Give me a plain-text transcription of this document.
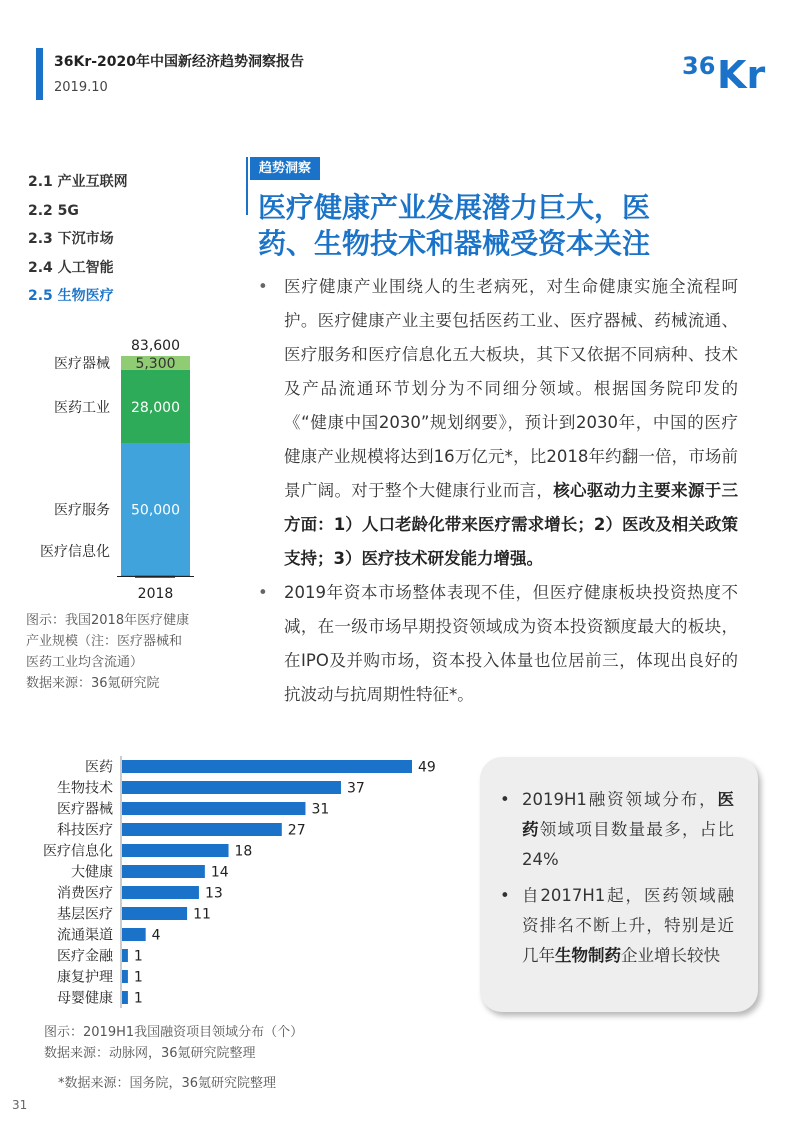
36Kr-2020年中国新经济趋势洞察报告
2019.10
36 Kr
2.1 产业互联网
2.2 5G
2.3 下沉市场
2.4 人工智能
2.5 生物医疗
趋势洞察
医疗健康产业发展潜力巨大，医
药、生物技术和器械受资本关注
• 医疗健康产业围绕人的生老病死，对生命健康实施全流程呵护。医疗健康产业主要包括医药工业、医疗器械、药械流通、医疗服务和医疗信息化五大板块，其下又依据不同病种、技术及产品流通环节划分为不同细分领域。根据国务院印发的《“健康中国2030”规划纲要》，预计到2030年，中国的医疗健康产业规模将达到16万亿元*，比2018年约翻一倍，市场前景广阔。对于整个大健康行业而言，核心驱动力主要来源于三方面：1）人口老龄化带来医疗需求增长；2）医改及相关政策支持；3）医疗技术研发能力增强。
• 2019年资本市场整体表现不佳，但医疗健康板块投资热度不减，在一级市场早期投资领域成为资本投资额度最大的板块，在IPO及并购市场，资本投入体量也位居前三，体现出良好的抗波动与抗周期性特征*。
医疗信息化
50,000
医疗服务
28,000
医药工业
5,300
医疗器械
83,600
2018
图示：我国2018年医疗健康
产业规模（注：医疗器械和
医药工业均含流通）
数据来源：36氪研究院
医药	49
生物技术	37
医疗器械	31
科技医疗	27
医疗信息化	18
大健康	14
消费医疗	13
基层医疗	11
流通渠道	4
医疗金融 1
康复护理 1
母婴健康 1
图示：2019H1我国融资项目领域分布（个）
数据来源：动脉网，36氪研究院整理
*数据来源：国务院，36氪研究院整理
31
• 2019H1融资领域分布，医药领域项目数量最多，占比24%
• 自2017H1起，医药领域融资排名不断上升，特别是近几年生物制药企业增长较快
